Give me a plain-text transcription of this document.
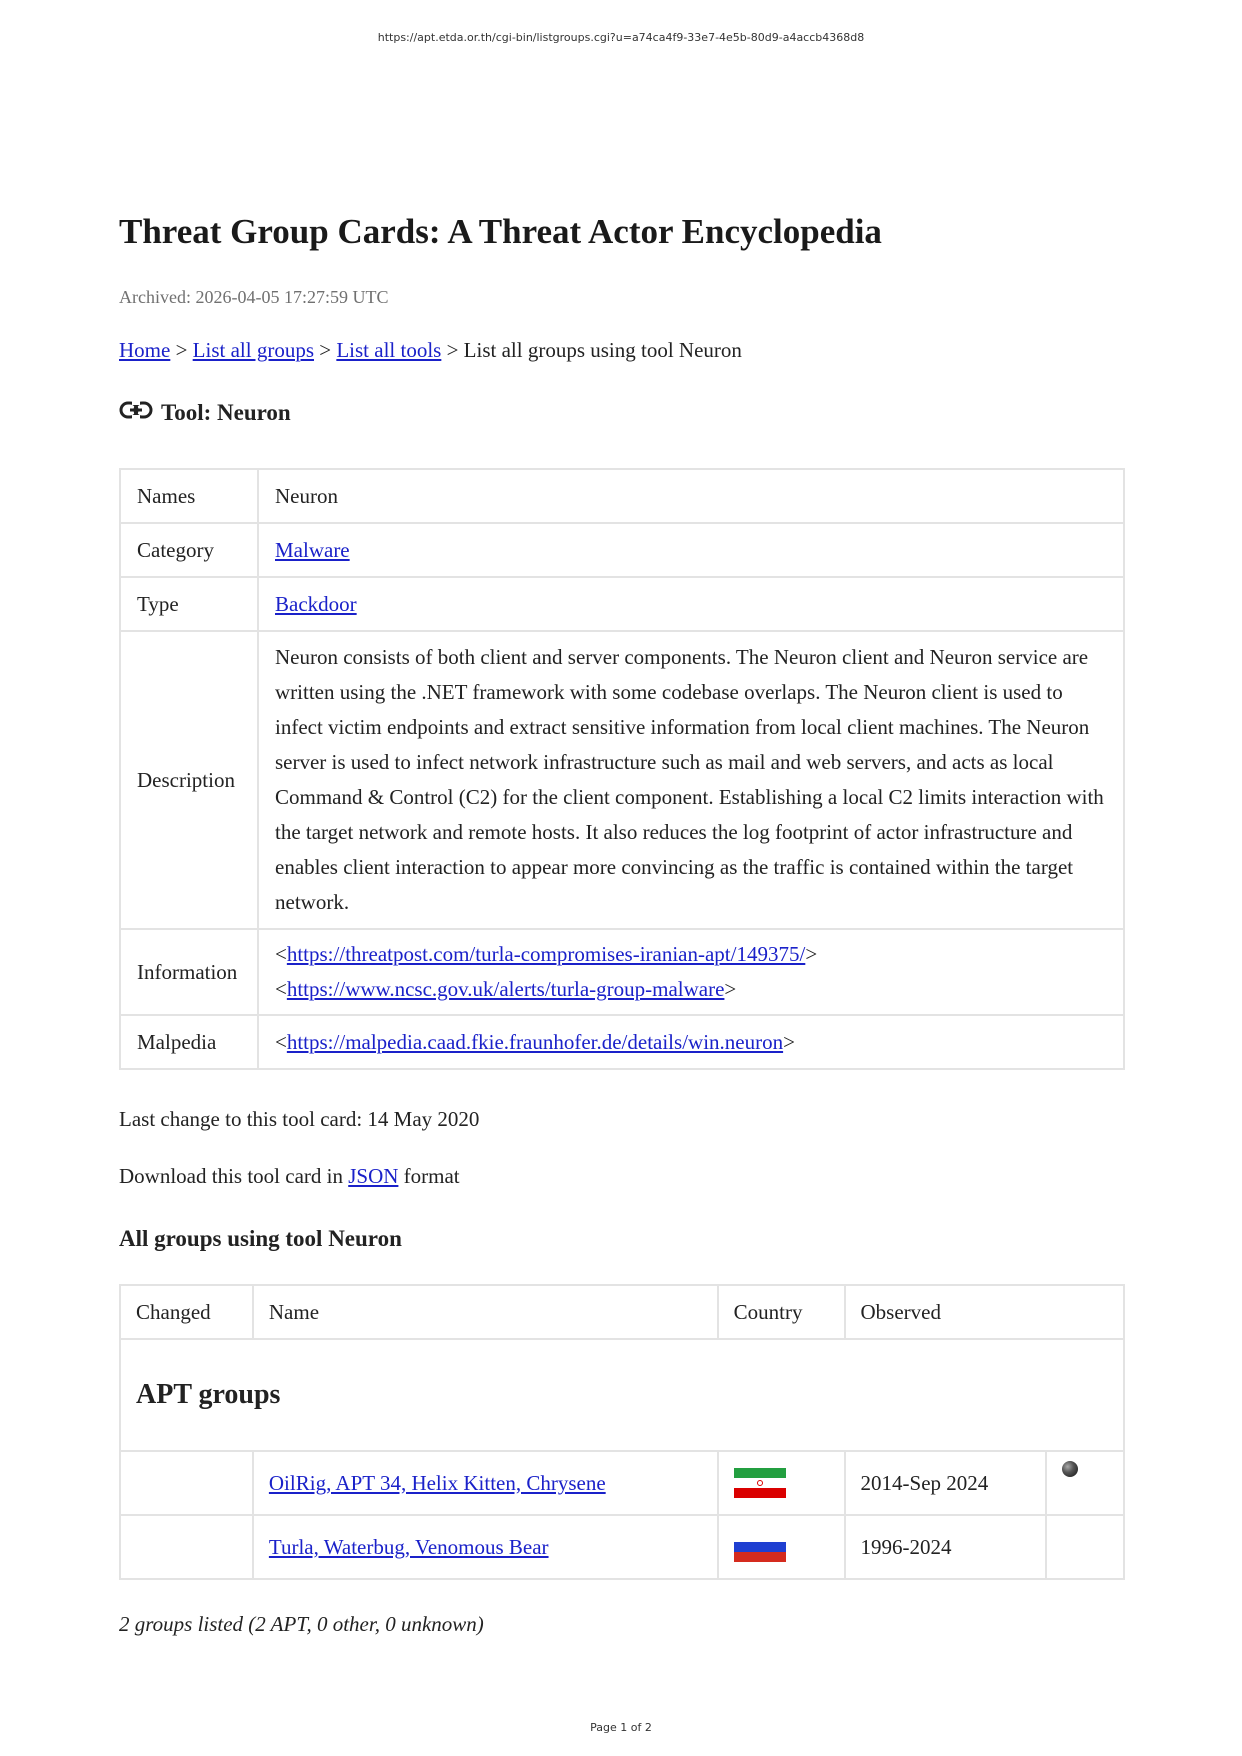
https://apt.etda.or.th/cgi-bin/listgroups.cgi?u=a74ca4f9-33e7-4e5b-80d9-a4accb4368d8
Threat Group Cards: A Threat Actor Encyclopedia
Archived: 2026-04-05 17:27:59 UTC
Home > List all groups > List all tools > List all groups using tool Neuron
Tool: Neuron
Names	Neuron
Category	Malware
Type	Backdoor
Description	Neuron consists of both client and server components. The Neuron client and Neuron service are written using the .NET framework with some codebase overlaps. The Neuron client is used to infect victim endpoints and extract sensitive information from local client machines. The Neuron server is used to infect network infrastructure such as mail and web servers, and acts as local Command & Control (C2) for the client component. Establishing a local C2 limits interaction with the target network and remote hosts. It also reduces the log footprint of actor infrastructure and enables client interaction to appear more convincing as the traffic is contained within the target network.
Information	<https://threatpost.com/turla-compromises-iranian-apt/149375/>
<https://www.ncsc.gov.uk/alerts/turla-group-malware>

Malpedia	<https://malpedia.caad.fkie.fraunhofer.de/details/win.neuron>
Last change to this tool card: 14 May 2020
Download this tool card in JSON format
All groups using tool Neuron
Changed	Name	Country	Observed	
APT groups				
	OilRig, APT 34, Helix Kitten, Chrysene		2014-Sep 2024	
	Turla, Waterbug, Venomous Bear		1996-2024	
2 groups listed (2 APT, 0 other, 0 unknown)
Page 1 of 2
